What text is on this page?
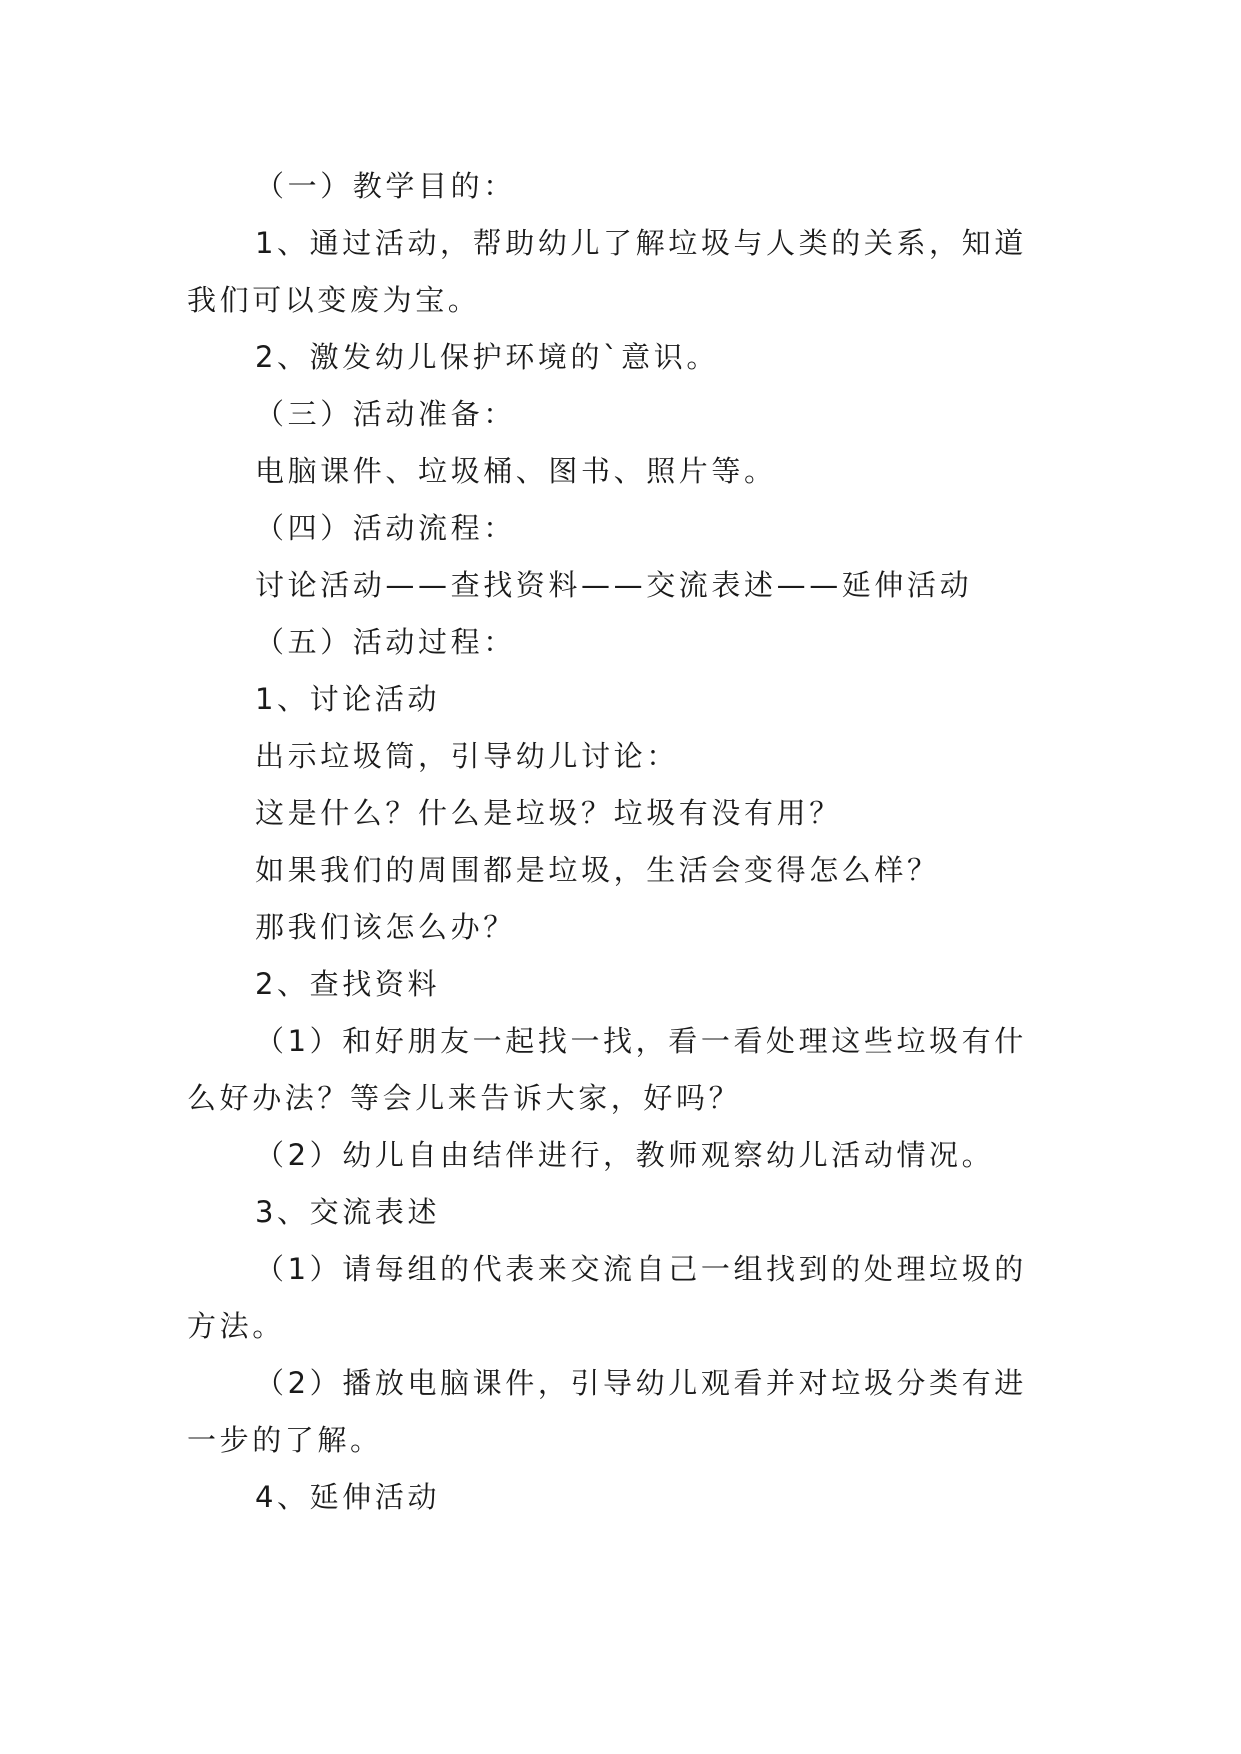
（一）教学目的：
1、通过活动，帮助幼儿了解垃圾与人类的关系，知道
我们可以变废为宝。
2、激发幼儿保护环境的`意识。
（三）活动准备：
电脑课件、垃圾桶、图书、照片等。
（四）活动流程：
讨论活动——查找资料——交流表述——延伸活动
（五）活动过程：
1、讨论活动
出示垃圾筒，引导幼儿讨论：
这是什么？什么是垃圾？垃圾有没有用？
如果我们的周围都是垃圾，生活会变得怎么样？
那我们该怎么办？
2、查找资料
（1）和好朋友一起找一找，看一看处理这些垃圾有什
么好办法？等会儿来告诉大家，好吗？
（2）幼儿自由结伴进行，教师观察幼儿活动情况。
3、交流表述
（1）请每组的代表来交流自己一组找到的处理垃圾的
方法。
（2）播放电脑课件，引导幼儿观看并对垃圾分类有进
一步的了解。
4、延伸活动
